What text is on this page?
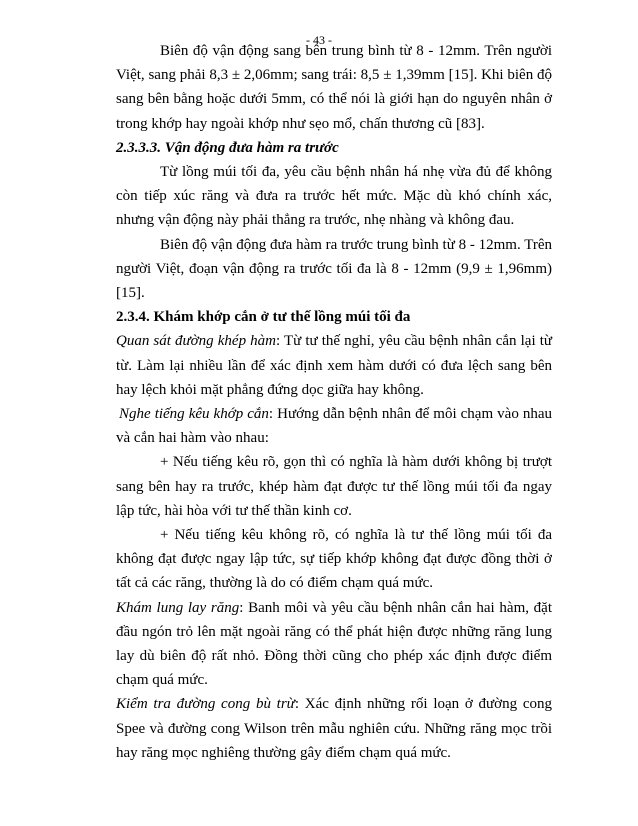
- 43 -

Biên độ vận động sang bên trung bình từ 8 - 12mm. Trên người Việt, sang phải 8,3 ± 2,06mm; sang trái: 8,5 ± 1,39mm [15]. Khi biên độ sang bên bằng hoặc dưới 5mm, có thể nói là giới hạn do nguyên nhân ở trong khớp hay ngoài khớp như sẹo mổ, chấn thương cũ [83].

2.3.3.3. Vận động đưa hàm ra trước

Từ lồng múi tối đa, yêu cầu bệnh nhân há nhẹ vừa đủ để không còn tiếp xúc răng và đưa ra trước hết mức. Mặc dù khó chính xác, nhưng vận động này phải thẳng ra trước, nhẹ nhàng và không đau.

Biên độ vận động đưa hàm ra trước trung bình từ 8 - 12mm. Trên người Việt, đoạn vận động ra trước tối đa là 8 - 12mm (9,9 ± 1,96mm) [15].

2.3.4. Khám khớp cắn ở tư thế lồng múi tối đa

Quan sát đường khép hàm: Từ tư thế nghỉ, yêu cầu bệnh nhân cắn lại từ từ. Làm lại nhiều lần để xác định xem hàm dưới có đưa lệch sang bên hay lệch khỏi mặt phẳng đứng dọc giữa hay không.

Nghe tiếng kêu khớp cắn: Hướng dẫn bệnh nhân để môi chạm vào nhau và cắn hai hàm vào nhau:

+ Nếu tiếng kêu rõ, gọn thì có nghĩa là hàm dưới không bị trượt sang bên hay ra trước, khép hàm đạt được tư thế lồng múi tối đa ngay lập tức, hài hòa với tư thế thần kinh cơ.

+ Nếu tiếng kêu không rõ, có nghĩa là tư thế lồng múi tối đa không đạt được ngay lập tức, sự tiếp khớp không đạt được đồng thời ở tất cả các răng, thường là do có điểm chạm quá mức.

Khám lung lay răng: Banh môi và yêu cầu bệnh nhân cắn hai hàm, đặt đầu ngón trỏ lên mặt ngoài răng có thể phát hiện được những răng lung lay dù biên độ rất nhỏ. Đồng thời cũng cho phép xác định được điểm chạm quá mức.

Kiểm tra đường cong bù trừ: Xác định những rối loạn ở đường cong Spee và đường cong Wilson trên mẫu nghiên cứu. Những răng mọc trồi hay răng mọc nghiêng thường gây điểm chạm quá mức.
